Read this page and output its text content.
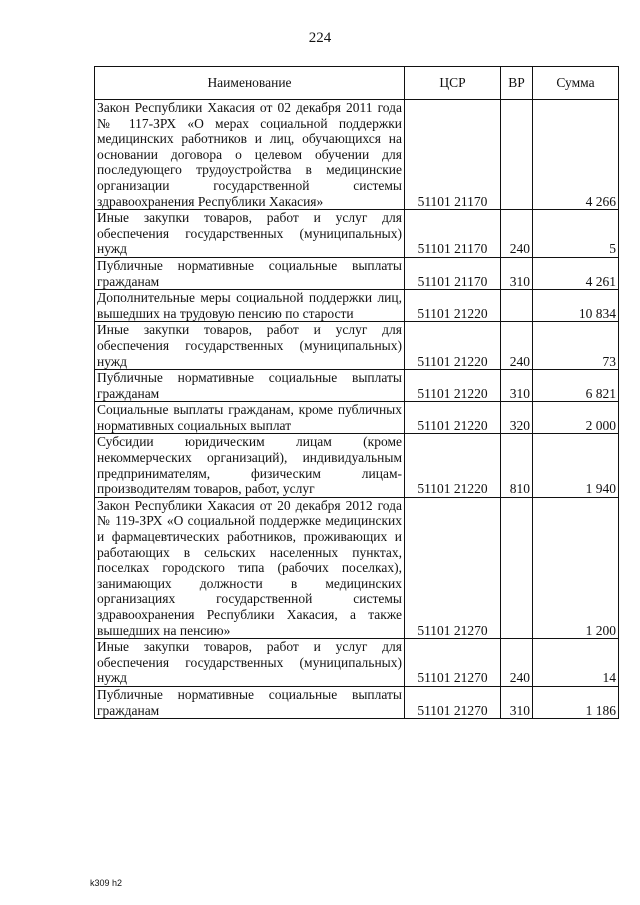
224
Наименование	ЦСР	ВР	Сумма
Закон Республики Хакасия от 02 декабря 2011 года № 117-ЗРХ «О мерах социальной поддержки медицинских работников и лиц, обучающихся на основании договора о целевом обучении для последующего трудоустройства в медицинские организации государственной системы здравоохранения Республики Хакасия»	51101 21170		4 266
Иные закупки товаров, работ и услуг для обеспечения государственных (муниципальных) нужд	51101 21170	240	5
Публичные нормативные социальные выплаты гражданам	51101 21170	310	4 261
Дополнительные меры социальной поддержки лиц, вышедших на трудовую пенсию по старости	51101 21220		10 834
Иные закупки товаров, работ и услуг для обеспечения государственных (муниципальных) нужд	51101 21220	240	73
Публичные нормативные социальные выплаты гражданам	51101 21220	310	6 821
Социальные выплаты гражданам, кроме публичных нормативных социальных выплат	51101 21220	320	2 000
Субсидии юридическим лицам (кроме некоммерческих организаций), индивидуальным предпринимателям, физическим лицам-производителям товаров, работ, услуг	51101 21220	810	1 940
Закон Республики Хакасия от 20 декабря 2012 года № 119-ЗРХ «О социальной поддержке медицинских и фармацевтических работников, проживающих и работающих в сельских населенных пунктах, поселках городского типа (рабочих поселках), занимающих должности в медицинских организациях государственной системы здравоохранения Республики Хакасия, а также вышедших на пенсию»	51101 21270		1 200
Иные закупки товаров, работ и услуг для обеспечения государственных (муниципальных) нужд	51101 21270	240	14
Публичные нормативные социальные выплаты гражданам	51101 21270	310	1 186
k309 h2
